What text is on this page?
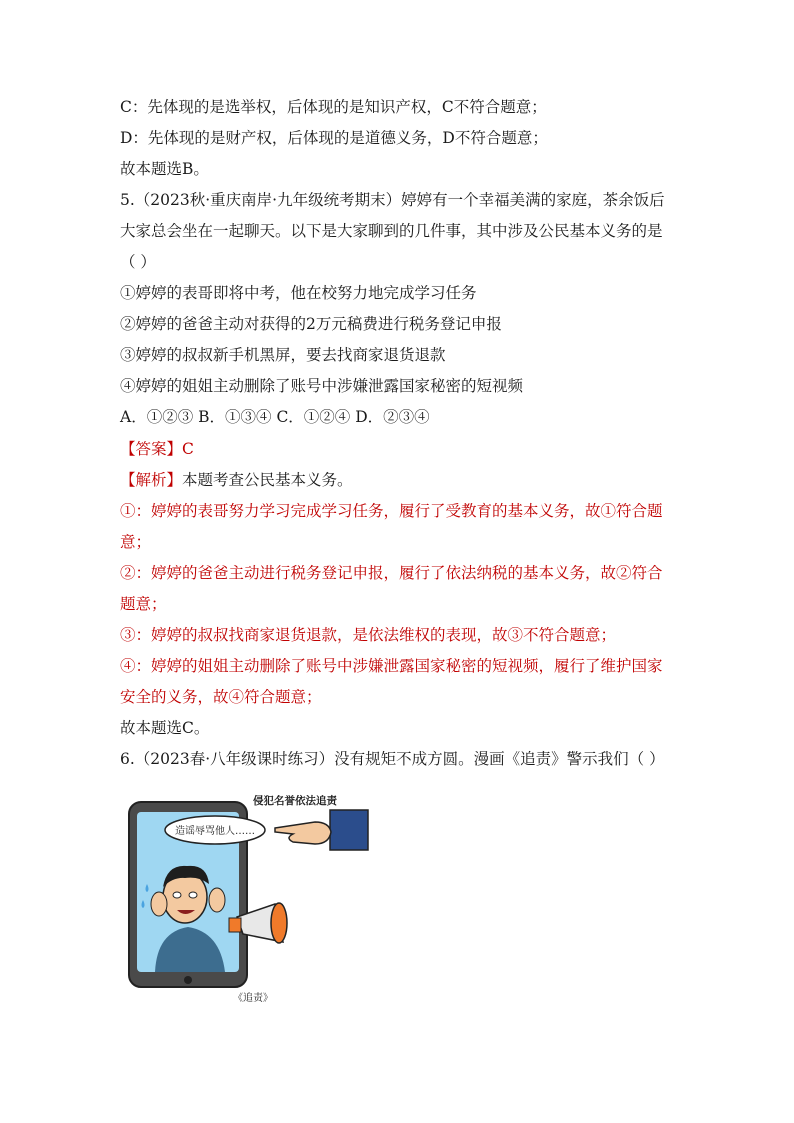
C：先体现的是选举权，后体现的是知识产权，C不符合题意；
D：先体现的是财产权，后体现的是道德义务，D不符合题意；
故本题选B。
5.（2023秋·重庆南岸·九年级统考期末）婷婷有一个幸福美满的家庭，茶余饭后
大家总会坐在一起聊天。以下是大家聊到的几件事，其中涉及公民基本义务的是
（ ）
①婷婷的表哥即将中考，他在校努力地完成学习任务
②婷婷的爸爸主动对获得的2万元稿费进行税务登记申报
③婷婷的叔叔新手机黑屏，要去找商家退货退款
④婷婷的姐姐主动删除了账号中涉嫌泄露国家秘密的短视频
A．①②③ B．①③④ C．①②④ D．②③④
【答案】C
【解析】本题考查公民基本义务。
①：婷婷的表哥努力学习完成学习任务，履行了受教育的基本义务，故①符合题
意；
②：婷婷的爸爸主动进行税务登记申报，履行了依法纳税的基本义务，故②符合
题意；
③：婷婷的叔叔找商家退货退款，是依法维权的表现，故③不符合题意；
④：婷婷的姐姐主动删除了账号中涉嫌泄露国家秘密的短视频，履行了维护国家
安全的义务，故④符合题意；
故本题选C。
6.（2023春·八年级课时练习）没有规矩不成方圆。漫画《追责》警示我们（ ）
造谣辱骂他人……
侵犯名誉依法追责
《追责》
